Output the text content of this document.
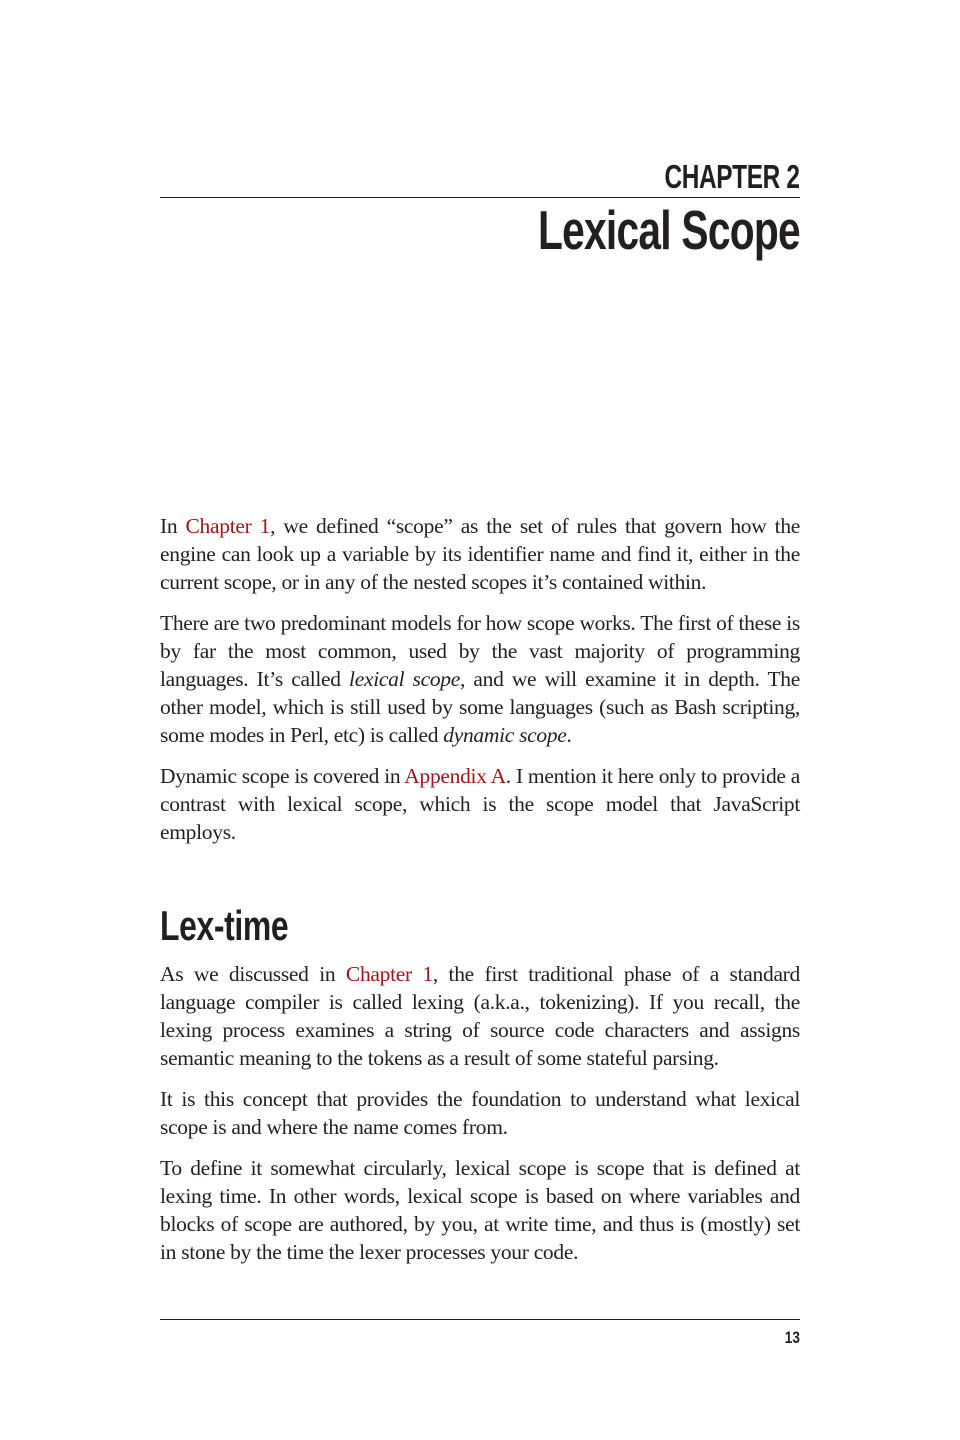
CHAPTER 2
Lexical Scope

In Chapter 1, we defined “scope” as the set of rules that govern how the engine can look up a variable by its identifier name and find it, either in the current scope, or in any of the nested scopes it’s contained within.

There are two predominant models for how scope works. The first of these is by far the most common, used by the vast majority of programming languages. It’s called lexical scope, and we will examine it in depth. The other model, which is still used by some languages (such as Bash scripting, some modes in Perl, etc) is called dynamic scope.

Dynamic scope is covered in Appendix A. I mention it here only to provide a contrast with lexical scope, which is the scope model that JavaScript employs.

Lex-time

As we discussed in Chapter 1, the first traditional phase of a standard language compiler is called lexing (a.k.a., tokenizing). If you recall, the lexing process examines a string of source code characters and assigns semantic meaning to the tokens as a result of some stateful parsing.

It is this concept that provides the foundation to understand what lexical scope is and where the name comes from.

To define it somewhat circularly, lexical scope is scope that is defined at lexing time. In other words, lexical scope is based on where variables and blocks of scope are authored, by you, at write time, and thus is (mostly) set in stone by the time the lexer processes your code.

13
